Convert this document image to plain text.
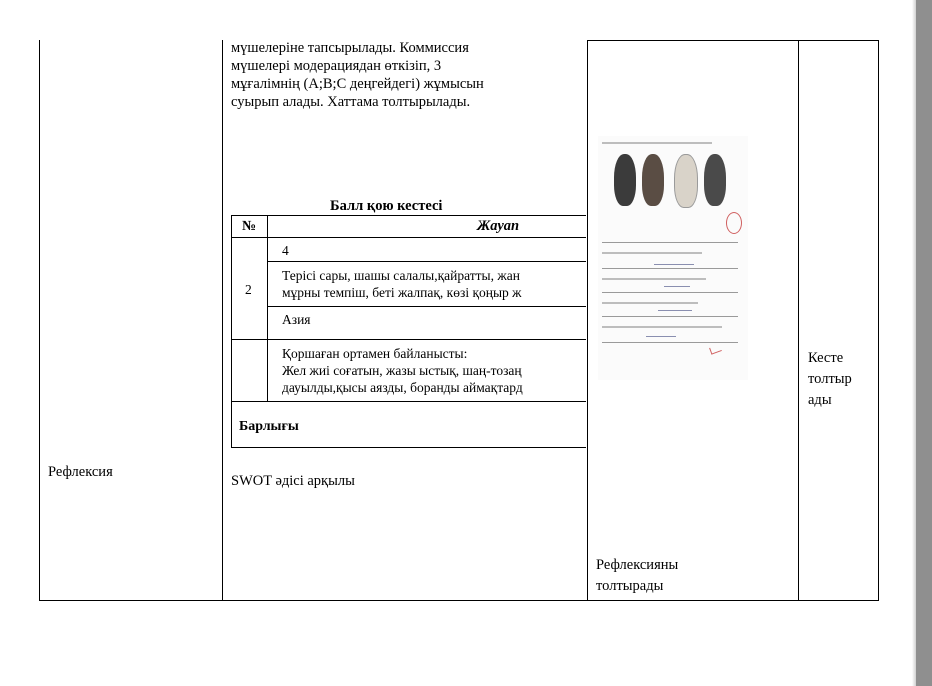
Рефлексия
мүшелеріне тапсырылады. Коммиссия
мүшелері модерациядан өткізіп, 3
мұғалімнің (A;B;C деңгейдегі) жұмысын
суырып алады. Хаттама толтырылады.
Балл қою кестесі
№	Жауап
4
2
Терісі сары, шашы салалы,қайратты, жан
мұрны темпіш, беті жалпақ, көзі қоңыр ж
Азия
Қоршаған ортамен байланысты:
Жел жиі соғатын, жазы ыстық, шаң-тозаң
дауылды,қысы аязды, боранды аймақтард
Барлығы
SWOT әдісі арқылы
Рефлексияны
толтырады
Кесте
толтыр
ады
